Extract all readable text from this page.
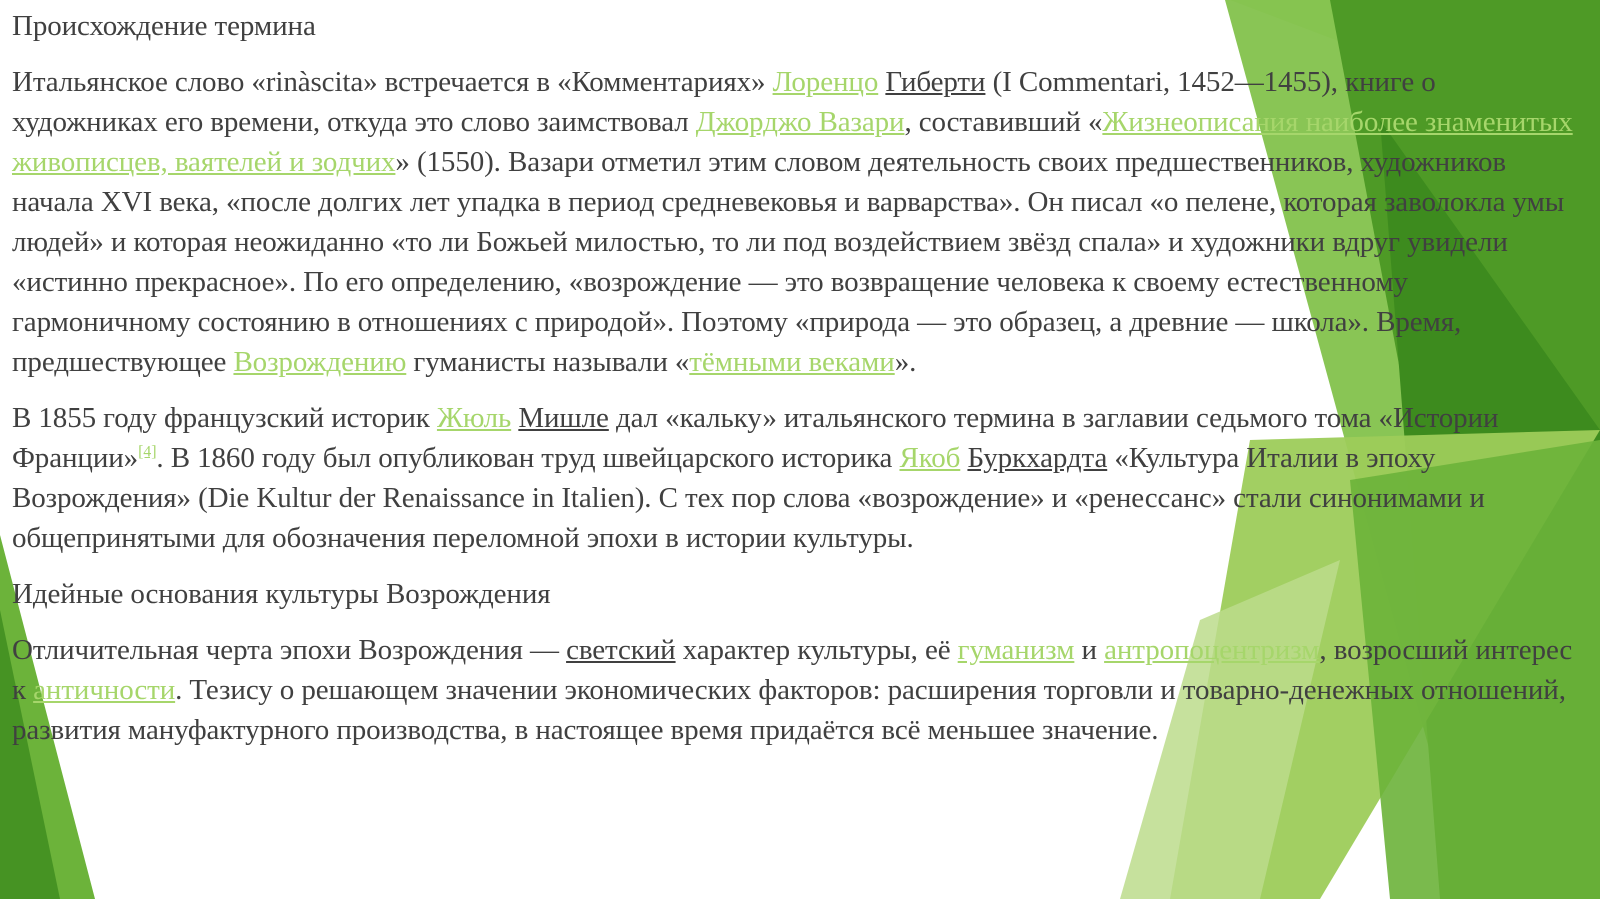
Происхождение термина

Итальянское слово «rinàscita» встречается в «Комментариях» Лоренцо Гиберти (I Commentari, 1452—1455), книге о художниках его времени, откуда это слово заимствовал Джорджо Вазари, составивший «Жизнеописания наиболее знаменитых живописцев, ваятелей и зодчих» (1550). Вазари отметил этим словом деятельность своих предшественников, художников начала XVI века, «после долгих лет упадка в период средневековья и варварства». Он писал «о пелене, которая заволокла умы людей» и которая неожиданно «то ли Божьей милостью, то ли под воздействием звёзд спала» и художники вдруг увидели «истинно прекрасное». По его определению, «возрождение — это возвращение человека к своему естественному гармоничному состоянию в отношениях с природой». Поэтому «природа — это образец, а древние — школа». Время, предшествующее Возрождению гуманисты называли «тёмными веками».

В 1855 году французский историк Жюль Мишле дал «кальку» итальянского термина в заглавии седьмого тома «Истории Франции»[4]. В 1860 году был опубликован труд швейцарского историка Якоб Буркхардта «Культура Италии в эпоху Возрождения» (Die Kultur der Renaissance in Italien). С тех пор слова «возрождение» и «ренессанс» стали синонимами и общепринятыми для обозначения переломной эпохи в истории культуры.

Идейные основания культуры Возрождения

Отличительная черта эпохи Возрождения — светский характер культуры, её гуманизм и антропоцентризм, возросший интерес к античности. Тезису о решающем значении экономических факторов: расширения торговли и товарно-денежных отношений, развития мануфактурного производства, в настоящее время придаётся всё меньшее значение.
